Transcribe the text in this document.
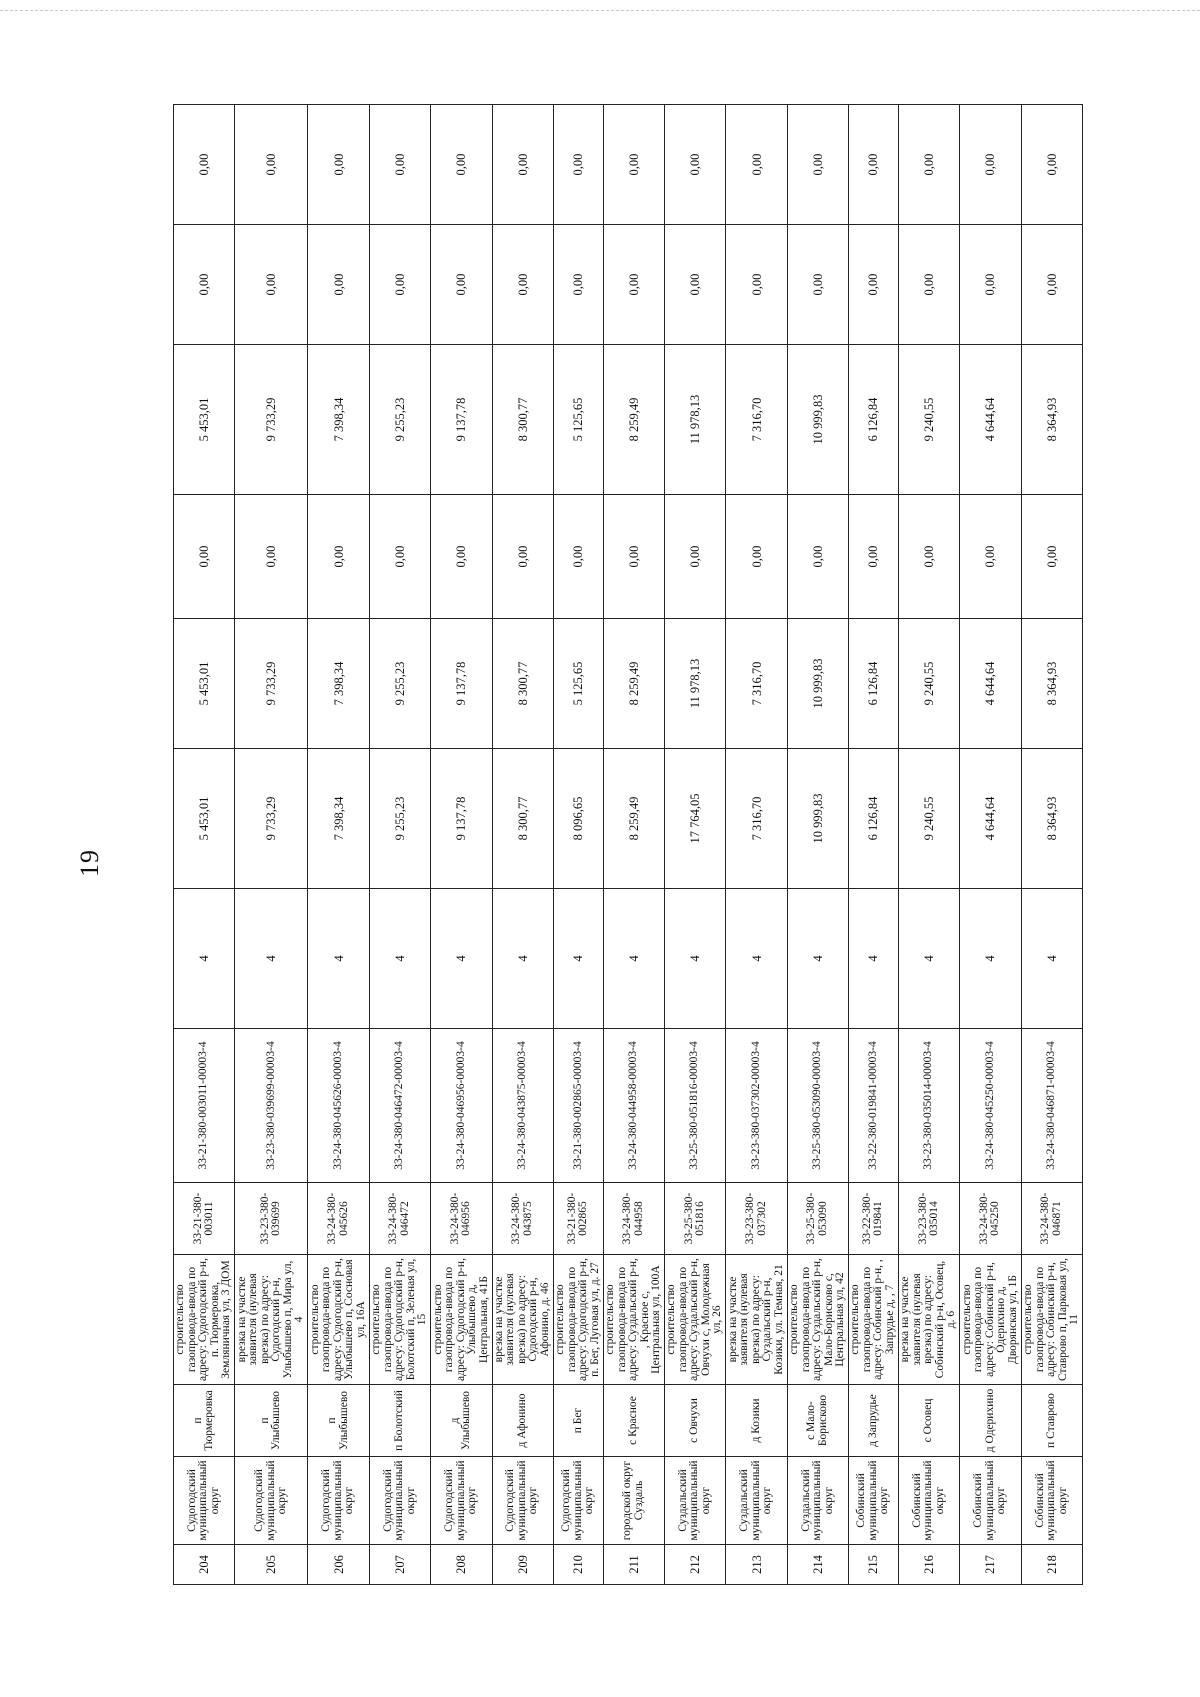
19
204	Судогодский муниципальный округ	п Тюрмеровка	строительство газопровода-ввода по адресу: Судогодский р-н, п. Тюрмеровка, Земляничная ул, 3 ДОМ	33-21-380-003011	33-21-380-003011-00003-4	4	5 453,01	5 453,01	0,00	5 453,01	0,00	0,00
205	Судогодский муниципальный округ	п Улыбышево	врезка на участке заявителя (нулевая врезка) по адресу: Судогодский р-н, Улыбышево п, Мира ул, 4	33-23-380-039699	33-23-380-039699-00003-4	4	9 733,29	9 733,29	0,00	9 733,29	0,00	0,00
206	Судогодский муниципальный округ	п Улыбышево	строительство газопровода-ввода по адресу: Судогодский р-н, Улыбышево п, Сосновая ул, 16А	33-24-380-045626	33-24-380-045626-00003-4	4	7 398,34	7 398,34	0,00	7 398,34	0,00	0,00
207	Судогодский муниципальный округ	п Болотский	строительство газопровода-ввода по адресу: Судогодский р-н, Болотский п, Зеленая ул, 15	33-24-380-046472	33-24-380-046472-00003-4	4	9 255,23	9 255,23	0,00	9 255,23	0,00	0,00
208	Судогодский муниципальный округ	д Улыбышево	строительство газопровода-ввода по адресу: Судогодский р-н, Улыбышево д, Центральная, 41Б	33-24-380-046956	33-24-380-046956-00003-4	4	9 137,78	9 137,78	0,00	9 137,78	0,00	0,00
209	Судогодский муниципальный округ	д Афонино	врезка на участке заявителя (нулевая врезка) по адресу: Судогодский р-н, Афонино, д. 46	33-24-380-043875	33-24-380-043875-00003-4	4	8 300,77	8 300,77	0,00	8 300,77	0,00	0,00
210	Судогодский муниципальный округ	п Бег	строительство газопровода-ввода по адресу: Судогодский р-н, п. Бег, Луговая ул, д. 27	33-21-380-002865	33-21-380-002865-00003-4	4	8 096,65	5 125,65	0,00	5 125,65	0,00	0,00
211	городской округ Суздаль	с Красное	строительство газопровода-ввода по адресу: Суздальский р-н, , Красное с, Центральная ул, 100А	33-24-380-044958	33-24-380-044958-00003-4	4	8 259,49	8 259,49	0,00	8 259,49	0,00	0,00
212	Суздальский муниципальный округ	с Овчухи	строительство газопровода-ввода по адресу: Суздальский р-н, Овчухи с, Молодежная ул, 26	33-25-380-051816	33-25-380-051816-00003-4	4	17 764,05	11 978,13	0,00	11 978,13	0,00	0,00
213	Суздальский муниципальный округ	д Козики	врезка на участке заявителя (нулевая врезка) по адресу: Суздальский р-н, Козики, ул. Темная, 21	33-23-380-037302	33-23-380-037302-00003-4	4	7 316,70	7 316,70	0,00	7 316,70	0,00	0,00
214	Суздальский муниципальный округ	с Мало-Борисково	строительство газопровода-ввода по адресу: Суздальский р-н, Мало-Борисково с, Центральная ул, 42	33-25-380-053090	33-25-380-053090-00003-4	4	10 999,83	10 999,83	0,00	10 999,83	0,00	0,00
215	Собинский муниципальный округ	д Запрудье	строительство газопровода-ввода по адресу: Собинский р-н, , Запрудье д, , 7	33-22-380-019841	33-22-380-019841-00003-4	4	6 126,84	6 126,84	0,00	6 126,84	0,00	0,00
216	Собинский муниципальный округ	с Осовец	врезка на участке заявителя (нулевая врезка) по адресу: Собинский р-н, Осовец, д. 6	33-23-380-035014	33-23-380-035014-00003-4	4	9 240,55	9 240,55	0,00	9 240,55	0,00	0,00
217	Собинский муниципальный округ	д Одерихино	строительство газопровода-ввода по адресу: Собинский р-н, Одерихино д, Дворянская ул, 1Б	33-24-380-045250	33-24-380-045250-00003-4	4	4 644,64	4 644,64	0,00	4 644,64	0,00	0,00
218	Собинский муниципальный округ	п Ставрово	строительство газопровода-ввода по адресу: Собинский р-н, Ставрово п, Парковая ул, 11	33-24-380-046871	33-24-380-046871-00003-4	4	8 364,93	8 364,93	0,00	8 364,93	0,00	0,00
